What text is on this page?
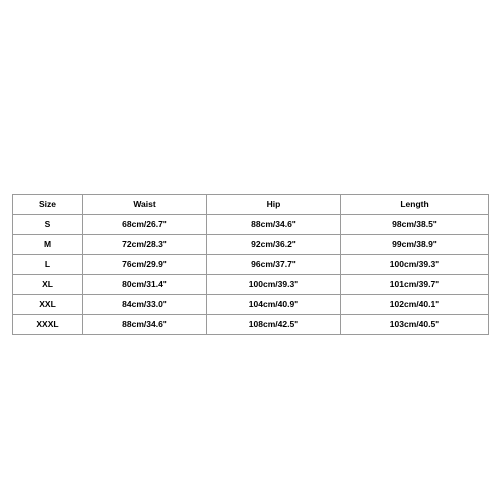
Size	Waist	Hip	Length
S	68cm/26.7"	88cm/34.6"	98cm/38.5"
M	72cm/28.3"	92cm/36.2"	99cm/38.9"
L	76cm/29.9"	96cm/37.7"	100cm/39.3"
XL	80cm/31.4"	100cm/39.3"	101cm/39.7"
XXL	84cm/33.0"	104cm/40.9"	102cm/40.1"
XXXL	88cm/34.6"	108cm/42.5"	103cm/40.5"
